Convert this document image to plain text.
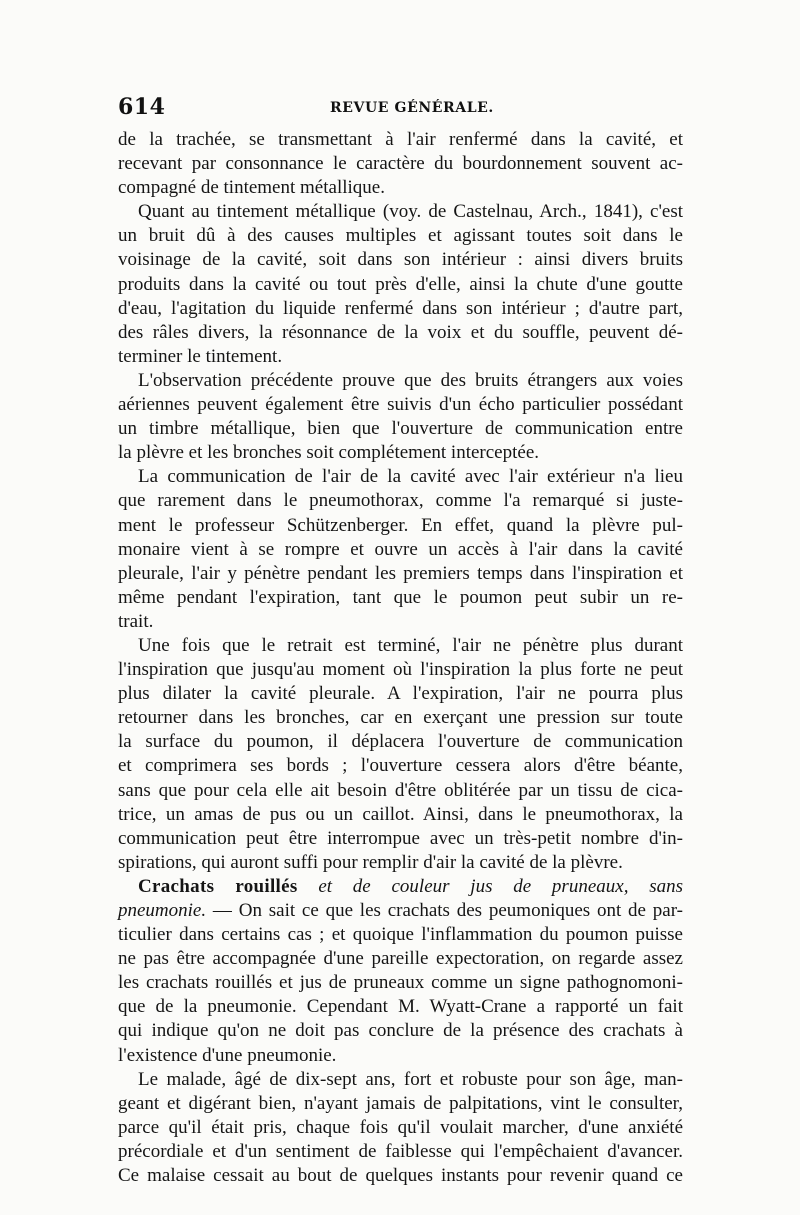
614	REVUE GÉNÉRALE.
de la trachée, se transmettant à l'air renfermé dans la cavité, et
recevant par consonnance le caractère du bourdonnement souvent ac-
compagné de tintement métallique.
Quant au tintement métallique (voy. de Castelnau, Arch., 1841), c'est
un bruit dû à des causes multiples et agissant toutes soit dans le
voisinage de la cavité, soit dans son intérieur : ainsi divers bruits
produits dans la cavité ou tout près d'elle, ainsi la chute d'une goutte
d'eau, l'agitation du liquide renfermé dans son intérieur ; d'autre part,
des râles divers, la résonnance de la voix et du souffle, peuvent dé-
terminer le tintement.
L'observation précédente prouve que des bruits étrangers aux voies
aériennes peuvent également être suivis d'un écho particulier possédant
un timbre métallique, bien que l'ouverture de communication entre
la plèvre et les bronches soit complétement interceptée.
La communication de l'air de la cavité avec l'air extérieur n'a lieu
que rarement dans le pneumothorax, comme l'a remarqué si juste-
ment le professeur Schützenberger. En effet, quand la plèvre pul-
monaire vient à se rompre et ouvre un accès à l'air dans la cavité
pleurale, l'air y pénètre pendant les premiers temps dans l'inspiration et
même pendant l'expiration, tant que le poumon peut subir un re-
trait.
Une fois que le retrait est terminé, l'air ne pénètre plus durant
l'inspiration que jusqu'au moment où l'inspiration la plus forte ne peut
plus dilater la cavité pleurale. A l'expiration, l'air ne pourra plus
retourner dans les bronches, car en exerçant une pression sur toute
la surface du poumon, il déplacera l'ouverture de communication
et comprimera ses bords ; l'ouverture cessera alors d'être béante,
sans que pour cela elle ait besoin d'être oblitérée par un tissu de cica-
trice, un amas de pus ou un caillot. Ainsi, dans le pneumothorax, la
communication peut être interrompue avec un très-petit nombre d'in-
spirations, qui auront suffi pour remplir d'air la cavité de la plèvre.
Crachats rouillés et de couleur jus de pruneaux, sans
pneumonie. — On sait ce que les crachats des peumoniques ont de par-
ticulier dans certains cas ; et quoique l'inflammation du poumon puisse
ne pas être accompagnée d'une pareille expectoration, on regarde assez
les crachats rouillés et jus de pruneaux comme un signe pathognomoni-
que de la pneumonie. Cependant M. Wyatt-Crane a rapporté un fait
qui indique qu'on ne doit pas conclure de la présence des crachats à
l'existence d'une pneumonie.
Le malade, âgé de dix-sept ans, fort et robuste pour son âge, man-
geant et digérant bien, n'ayant jamais de palpitations, vint le consulter,
parce qu'il était pris, chaque fois qu'il voulait marcher, d'une anxiété
précordiale et d'un sentiment de faiblesse qui l'empêchaient d'avancer.
Ce malaise cessait au bout de quelques instants pour revenir quand ce
